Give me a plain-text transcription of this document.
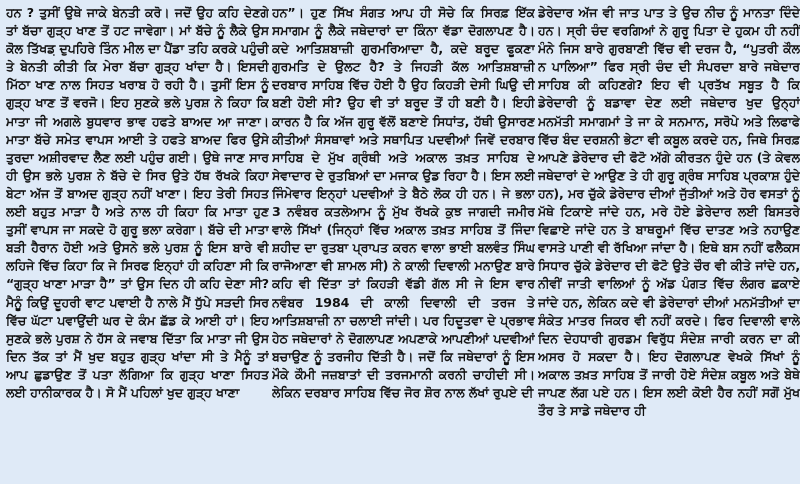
ਹਨ ? ਤੁਸੀਂ ਉਥੇ ਜਾਕੇ ਬੇਨਤੀ ਕਰੋ। ਜਦੋਂ ਉਹ ਕਹਿ ਦੇਣਗੇ ਤਾਂ ਬੱਚਾ ਗੁੜ੍ਹ ਖਾਣ ਤੋਂ ਹਟ ਜਾਵੇਗਾ। ਮਾਂ ਬੱਚੇ ਨੂੰ ਲੈਕੇ ਉਸ ਕੋਲ ਤਿੱਖਡ਼ ਦੁਪਹਿਰੇ ਤਿੰਨ ਮੀਲ ਦਾ ਪੈਂਡਾ ਤਹਿ ਕਰਕੇ ਪਹੁੰਚੀ ਤੇ ਬੇਨਤੀ ਕੀਤੀ ਕਿ ਮੇਰਾ ਬੱਚਾ ਗੁੜ੍ਹ ਖਾਂਦਾ ਹੈ। ਇਸਦੀ ਮਿੱਠਾ ਖਾਣ ਨਾਲ ਸਿਹਤ ਖਰਾਬ ਹੋ ਰਹੀ ਹੈ। ਤੁਸੀਂ ਇਸ ਨੂੰ ਗੁੜ੍ਹ ਖਾਣ ਤੋਂ ਵਰਜੋ। ਇਹ ਸੁਣਕੇ ਭਲੇ ਪੁਰਸ਼ ਨੇ ਕਿਹਾ ਕਿ ਮਾਤਾ ਜੀ ਅਗਲੇ ਬੁਧਵਾਰ ਭਾਵ ਹਫਤੇ ਬਾਅਦ ਆ ਜਾਣਾ। ਮਾਤਾ ਬੱਚੇ ਸਮੇਤ ਵਾਪਸ ਆਈ ਤੇ ਹਫਤੇ ਬਾਅਦ ਫਿਰ ਉਸੇ ਤੁਰਦਾ ਅਸ਼ੀਰਵਾਦ ਲੈਣ ਲਈ ਪਹੁੰਚ ਗਈ। ਉਥੇ ਜਾਣ ਸਾਰ ਹੀ ਉਸ ਭਲੇ ਪੁਰਸ਼ ਨੇ ਬੱਚੇ ਦੇ ਸਿਰ ਉਤੇ ਹੱਥ ਰੱਖਕੇ ਕਿਹਾ ਬੇਟਾ ਅੱਜ ਤੋਂ ਬਾਅਦ ਗੁੜ੍ਹ ਨਹੀਂ ਖਾਣਾ। ਇਹ ਤੇਰੀ ਸਿਹਤ ਲਈ ਬਹੁਤ ਮਾੜਾ ਹੈ ਅਤੇ ਨਾਲ ਹੀ ਕਿਹਾ ਕਿ ਮਾਤਾ ਹੁਣ ਤੁਸੀਂ ਵਾਪਸ ਜਾ ਸਕਦੇ ਹੋ ਗੁਰੂ ਭਲਾ ਕਰੇਗਾ। ਬੱਚੇ ਦੀ ਮਾਤਾ ਬੜੀ ਹੈਰਾਨ ਹੋਈ ਅਤੇ ਉਸਨੇ ਭਲੇ ਪੁਰਸ਼ ਨੂੰ ਇਸ ਬਾਰੇ ਵੀ ਲਹਿਜੇ ਵਿੱਚ ਕਿਹਾ ਕਿ ਜੇ ਸਿਰਫ ਇਨ੍ਹਾਂ ਹੀ ਕਹਿਣਾ ਸੀ ਕਿ “ਗੁੜ੍ਹ ਖਾਣਾ ਮਾੜਾ ਹੈ” ਤਾਂ ਉਸ ਦਿਨ ਹੀ ਕਹਿ ਦੇਣਾ ਸੀ? ਮੈਨੂੰ ਕਿਉਂ ਦੂਹਰੀ ਵਾਟ ਪਵਾਈ ਹੈ ਨਾਲੇ ਮੈਂ ਧੁੱਪੇ ਸੜਦੀ ਸਿਰ ਵਿੱਚ ਘੱਟਾ ਪਵਾਉਂਦੀ ਘਰ ਦੇ ਕੰਮ ਛੱਡ ਕੇ ਆਈ ਹਾਂ। ਇਹ ਸੁਣਕੇ ਭਲੇ ਪੁਰਸ਼ ਨੇ ਹੱਸ ਕੇ ਜਵਾਬ ਦਿੱਤਾ ਕਿ ਮਾਤਾ ਜੀ ਉਸ ਦਿਨ ਤੱਕ ਤਾਂ ਮੈਂ ਖੁਦ ਬਹੁਤ ਗੁੜ੍ਹ ਖਾਂਦਾ ਸੀ ਤੇ ਮੈਨੂੰ ਤਾਂ ਆਪ ਛੁਡਾਉਣ ਤੋਂ ਪਤਾ ਲੱਗਿਆ ਕਿ ਗੁੜ੍ਹ ਖਾਣਾ ਸਿਹਤ ਲਈ ਹਾਨੀਕਾਰਕ ਹੈ। ਸੋ ਮੈਂ ਪਹਿਲਾਂ ਖੁਦ ਗੁੜ੍ਹ ਖਾਣਾ

ਹਨ”। ਹੁਣ ਸਿੱਖ ਸੰਗਤ ਆਪ ਹੀ ਸੋਚੇ ਕਿ ਸਿਰਫ਼ ਇੱਕ ਸਮਾਗਮ ਨੂੰ ਲੈਕੇ ਜਥੇਦਾਰਾਂ ਦਾ ਕਿੰਨਾ ਵੱਡਾ ਦੋਗਲਾਪਣ ਹੈ। ਕਦੇ ਆਤਿਸ਼ਬਾਜ਼ੀ ਗੁਰਮਰਿਆਦਾ ਹੈ, ਕਦੇ ਬਰੂਦ ਫੂਕਣਾ ਗੁਰਮਤਿ ਦੇ ਉਲਟ ਹੈ? ਤੇ ਜਿਹੜੀ ਕੱਲ ਆਤਿਸ਼ਬਾਜ਼ੀ ਦਰਬਾਰ ਸਾਹਿਬ ਵਿੱਚ ਹੋਈ ਹੈ ਉਹ ਕਿਹੜੀ ਦੇਸੀ ਘਿਉ ਦੀ ਬਣੀ ਹੋਈ ਸੀ? ਉਹ ਵੀ ਤਾਂ ਬਰੂਦ ਤੋਂ ਹੀ ਬਣੀ ਹੈ। ਇਹੀ ਕਾਰਨ ਹੈ ਕਿ ਅੱਜ ਗੁਰੂ ਵੱਲੋਂ ਬਣਾਏ ਸਿਧਾਂਤ, ਹੱਥੀ ਉਸਾਰਣ ਕੀਤੀਆਂ ਸੰਸਥਾਵਾਂ ਅਤੇ ਸਥਾਪਿਤ ਪਦਵੀਆਂ ਜਿਵੇਂ ਦਰਬਾਰ ਸਾਹਿਬ ਦੇ ਮੁੱਖ ਗ੍ਰੰਥੀ ਅਤੇ ਅਕਾਲ ਤਖ਼ਤ ਸਾਹਿਬ ਦੇ ਸੇਵਾਦਾਰ ਦੇ ਰੁਤਬਿਆਂ ਦਾ ਮਜਾਕ ਉਡ ਰਿਹਾ ਹੈ। ਇਸ ਲਈ ਜਿੰਮੇਵਾਰ ਇਨ੍ਹਾਂ ਪਦਵੀਆਂ ਤੇ ਬੈਠੇ ਲੋਕ ਹੀ ਹਨ। ਜੇ ਭਲਾ 3 ਨਵੰਬਰ ਕਤਲੇਆਮ ਨੂੰ ਮੁੱਖ ਰੱਖਕੇ ਕੁਝ ਜਾਗਦੀ ਜਮੀਰ ਵਾਲੇ ਸਿੱਖਾਂ (ਜਿਨ੍ਹਾਂ ਵਿੱਚ ਅਕਾਲ ਤਖ਼ਤ ਸਾਹਿਬ ਤੋਂ ਜਿੰਦਾ ਸ਼ਹੀਦ ਦਾ ਰੁਤਬਾ ਪ੍ਰਾਪਤ ਕਰਨ ਵਾਲਾ ਭਾਈ ਬਲਵੰਤ ਸਿੰਘ ਰਾਜੋਆਣਾ ਵੀ ਸ਼ਾਮਲ ਸੀ) ਨੇ ਕਾਲੀ ਦਿਵਾਲੀ ਮਨਾਉਣ ਬਾਰੇ ਕਹਿ ਵੀ ਦਿੱਤਾ ਤਾਂ ਕਿਹੜੀ ਵੱਡੀ ਗੱਲ ਸੀ ਜੇ ਇਸ ਵਾਰ ਨਵੰਬਰ 1984 ਦੀ ਕਾਲੀ ਦਿਵਾਲੀ ਦੀ ਤਰਜ ਤੇ ਆਤਿਸ਼ਬਾਜ਼ੀ ਨਾ ਚਲਾਈ ਜਾਂਦੀ। ਪਰ ਹਿਦੂਤਵਾ ਦੇ ਪ੍ਰਭਾਵ ਹੇਠ ਜਥੇਦਾਰਾਂ ਨੇ ਦੋਗਲਾਪਣ ਅਪਣਾਕੇ ਆਪਣੀਆਂ ਪਦਵੀਆਂ ਬਚਾਉਣ ਨੂੰ ਤਰਜੀਹ ਦਿੱਤੀ ਹੈ। ਜਦੋਂ ਕਿ ਜਥੇਦਾਰਾਂ ਨੂੰ ਇਸ ਮੌਕੇ ਕੌਮੀ ਜਜ਼ਬਾਤਾਂ ਦੀ ਤਰਜਮਾਨੀ ਕਰਨੀ ਚਾਹੀਦੀ ਸੀ। ਲੇਕਿਨ ਦਰਬਾਰ ਸਾਹਿਬ ਵਿੱਚ ਜੋਰ ਸ਼ੋਰ ਨਾਲ ਲੱਖਾਂ ਰੁਪਏ ਦੀ

ਡੇਰੇਦਾਰ ਅੱਜ ਵੀ ਜਾਤ ਪਾਤ ਤੇ ਉਚ ਨੀਚ ਨੂੰ ਮਾਨਤਾ ਦਿੰਦੇ ਹਨ। ਸ੍ਰੀ ਚੰਦ ਵਰਗਿਆਂ ਨੇ ਗੁਰੂ ਪਿਤਾ ਦੇ ਹੁਕਮ ਹੀ ਨਹੀਂ ਮੰਨੇ ਜਿਸ ਬਾਰੇ ਗੁਰਬਾਣੀ ਵਿੱਚ ਵੀ ਦਰਜ ਹੈ, “ਪੁਤਰੀ ਕੌਲ ਨ ਪਾਲਿਆ” ਫਿਰ ਸ੍ਰੀ ਚੰਦ ਦੀ ਸੰਪਰਦਾ ਬਾਰੇ ਜਥੇਦਾਰ ਸਾਹਿਬ ਕੀ ਕਹਿਣਗੇ? ਇਹ ਵੀ ਪ੍ਰਤੱਖ ਸਬੂਤ ਹੈ ਕਿ ਡੇਰੇਦਾਰੀ ਨੂੰ ਬਡਾਵਾ ਦੇਣ ਲਈ ਜਥੇਦਾਰ ਖੁਦ ਉਨ੍ਹਾਂ ਮਨਮੱਤੀ ਸਮਾਗਮਾਂ ਤੇ ਜਾ ਕੇ ਸਨਮਾਨ, ਸਰੋਪੇ ਅਤੇ ਲਿਫਾਫੇ ਵਿੱਚ ਬੰਦ ਦਰਸ਼ਨੀ ਭੇਟਾ ਵੀ ਕਬੂਲ ਕਰਦੇ ਹਨ, ਜਿਥੇ ਸਿਰਫ਼ ਆਪਣੇ ਡੇਰੇਦਾਰ ਦੀ ਫੋਟੋ ਅੱਗੇ ਕੀਰਤਨ ਹੁੰਦੇ ਹਨ (ਤੇ ਕੇਵਲ ਜਥੇਦਾਰਾਂ ਦੇ ਆਉਣ ਤੇ ਹੀ ਗੁਰੂ ਗ੍ਰੰਥ ਸਾਹਿਬ ਪ੍ਰਕਾਸ਼ ਹੁੰਦੇ ਹਨ), ਮਰ ਚੁੱਕੇ ਡੇਰੇਦਾਰ ਦੀਆਂ ਜੁੱਤੀਆਂ ਅਤੇ ਹੋਰ ਵਸਤਾਂ ਨੂੰ ਮੱਥੇ ਟਿਕਾਏ ਜਾਂਦੇ ਹਨ, ਮਰੇ ਹੋਏ ਡੇਰੇਦਾਰ ਲਈ ਬਿਸਤਰੇ ਵਿਛਾਏ ਜਾਂਦੇ ਹਨ ਤੇ ਬਾਥਰੂਮਾਂ ਵਿੱਚ ਦਾਤਣ ਅਤੇ ਨਹਾਉਣ ਵਾਸਤੇ ਪਾਣੀ ਵੀ ਰੱਖਿਆ ਜਾਂਦਾ ਹੈ। ਇਥੇ ਬਸ ਨਹੀਂ ਫਲੈਕਸ ਸਿਧਾਰ ਚੁੱਕੇ ਡੇਰੇਦਾਰ ਦੀ ਫੋਟੋ ਉਤੇ ਚੌਰ ਵੀ ਕੀਤੇ ਜਾਂਦੇ ਹਨ, ਨੀਵੀਂ ਜਾਤੀ ਵਾਲਿਆਂ ਨੂੰ ਅੱਡ ਪੰਗਤ ਵਿੱਚ ਲੰਗਰ ਛਕਾਏ ਜਾਂਦੇ ਹਨ, ਲੇਕਿਨ ਕਦੇ ਵੀ ਡੇਰੇਦਾਰਾਂ ਦੀਆਂ ਮਨਮੱਤੀਆਂ ਦਾ ਸੰਕੇਤ ਮਾਤਰ ਜਿਕਰ ਵੀ ਨਹੀਂ ਕਰਦੇ। ਫਿਰ ਦਿਵਾਲੀ ਵਾਲੇ ਦਿਨ ਦੇਹਧਾਰੀ ਗੁਰਡਮ ਵਿਰੁੱਧ ਸੰਦੇਸ਼ ਜਾਰੀ ਕਰਨ ਦਾ ਕੀ ਅਸਰ ਹੋ ਸਕਦਾ ਹੈ। ਇਹ ਦੋਗਲਾਪਣ ਵੇਖਕੇ ਸਿੱਖਾਂ ਨੂੰ ਅਕਾਲ ਤਖ਼ਤ ਸਾਹਿਬ ਤੋਂ ਜਾਰੀ ਹੋਏ ਸੰਦੇਸ਼ ਕਬੂਲ ਅਤੇ ਬੇਥੇ ਜਾਪਣ ਲੱਗ ਪਏ ਹਨ। ਇਸ ਲਈ ਕੋਈ ਹੈਰ ਨਹੀਂ ਸਗੋਂ ਮੁੱਖ ਤੌਰ ਤੇ ਸਾਡੇ ਜਥੇਦਾਰ ਹੀ
